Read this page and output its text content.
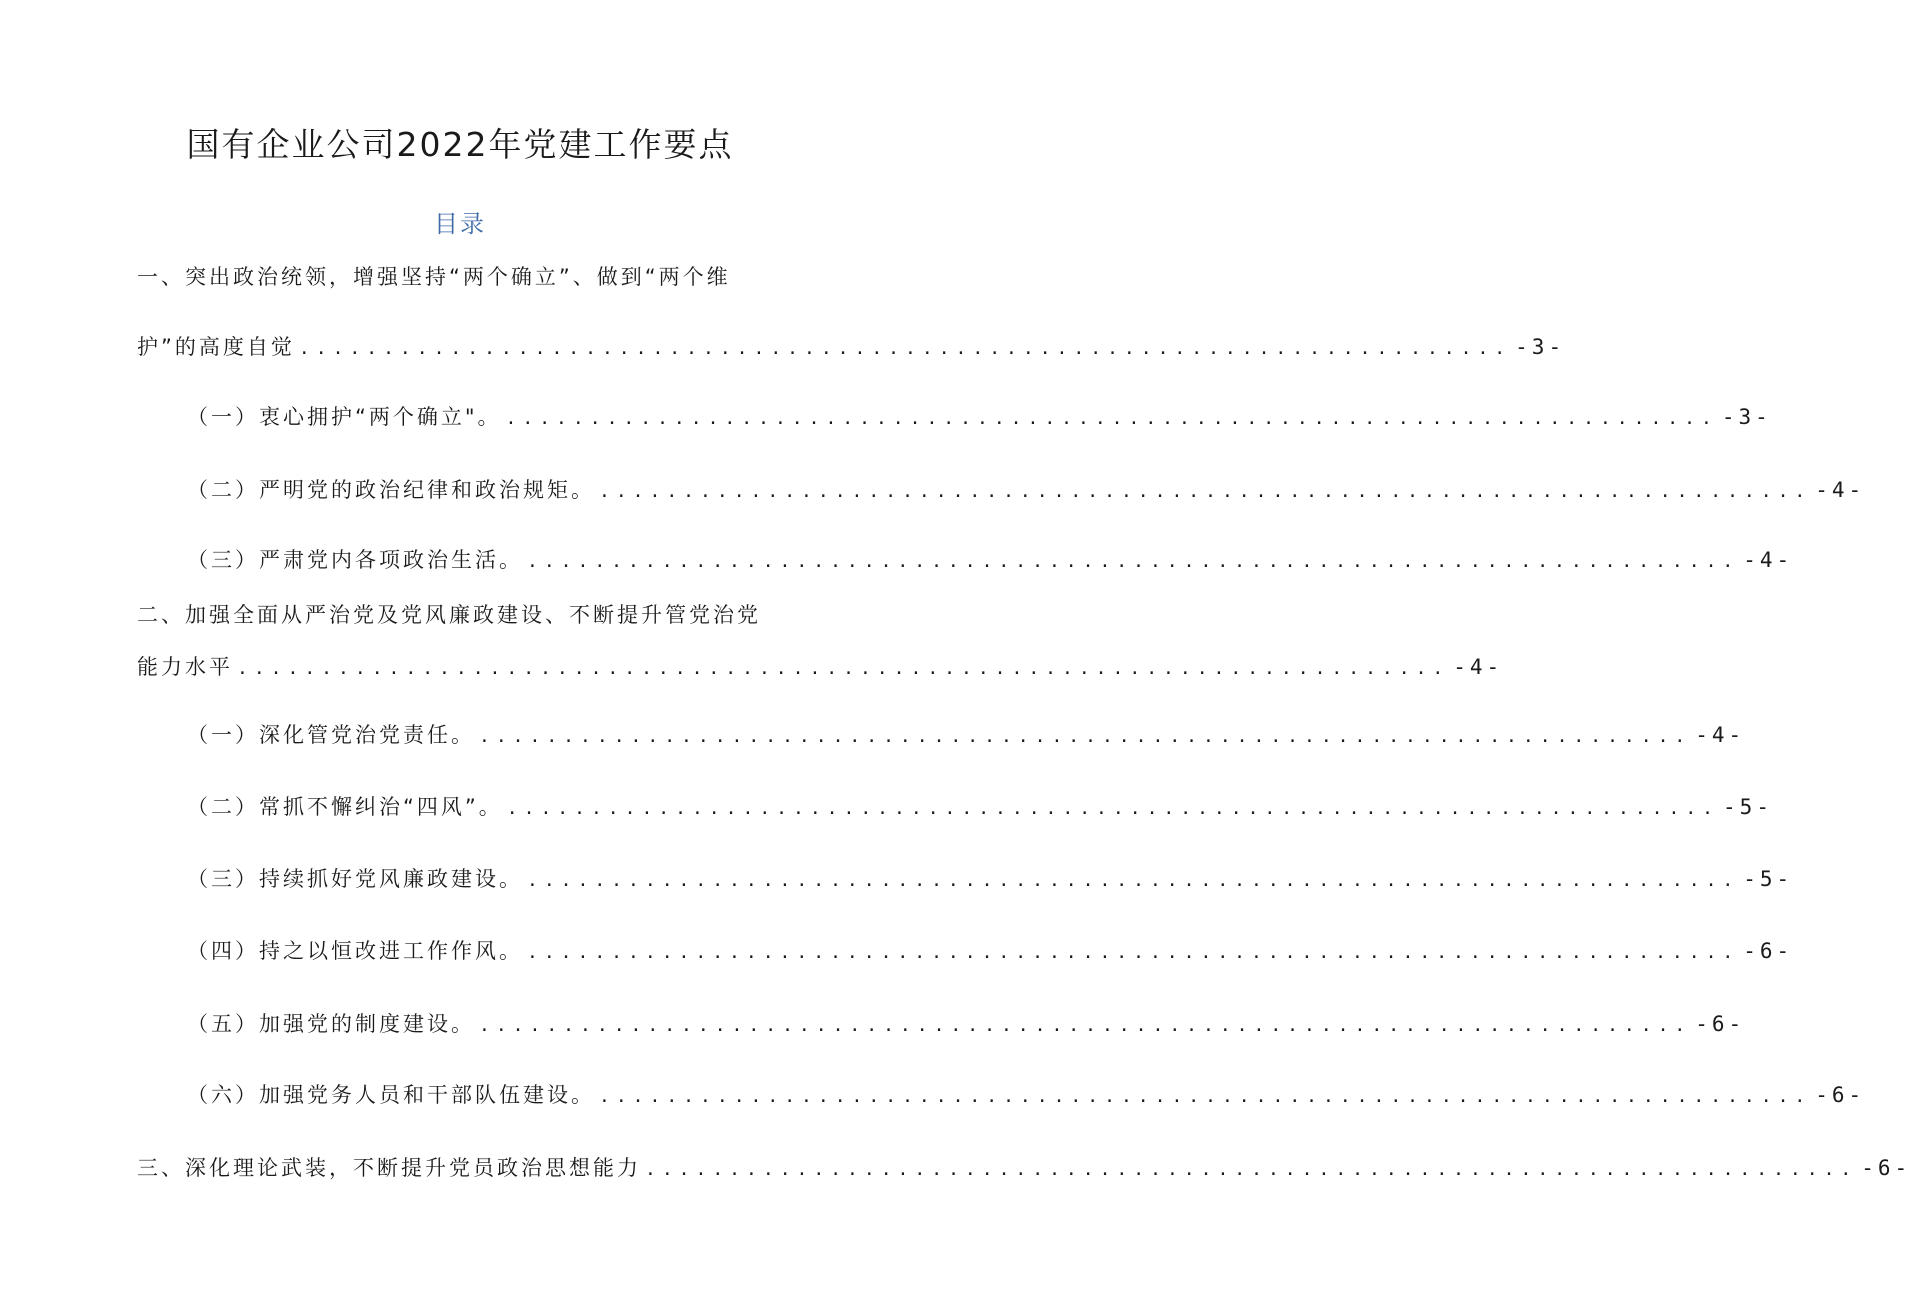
国有企业公司2022年党建工作要点
目录
一、突出政治统领，增强坚持“两个确立”、做到“两个维
护”的高度自觉 ........................................................................ -3-
（一）衷心拥护“两个确立"。 ........................................................................ -3-
（二）严明党的政治纪律和政治规矩。 ........................................................................ -4-
（三）严肃党内各项政治生活。 ........................................................................ -4-
二、加强全面从严治党及党风廉政建设、不断提升管党治党
能力水平 ........................................................................ -4-
（一）深化管党治党责任。 ........................................................................ -4-
（二）常抓不懈纠治“四风”。 ........................................................................ -5-
（三）持续抓好党风廉政建设。 ........................................................................ -5-
（四）持之以恒改进工作作风。 ........................................................................ -6-
（五）加强党的制度建设。 ........................................................................ -6-
（六）加强党务人员和干部队伍建设。 ........................................................................ -6-
三、深化理论武装，不断提升党员政治思想能力 ........................................................................ -6-
